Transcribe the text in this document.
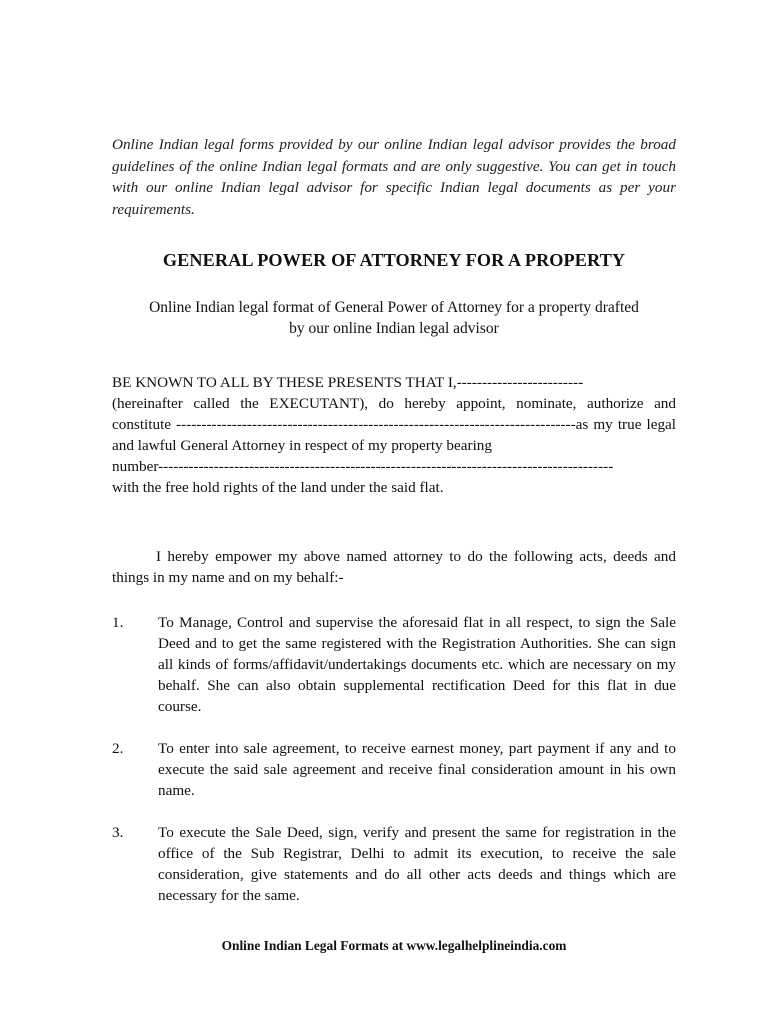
Online Indian legal forms provided by our online Indian legal advisor provides the broad guidelines of the online Indian legal formats and are only suggestive. You can get in touch with our online Indian legal advisor for specific Indian legal documents as per your requirements.

GENERAL POWER OF ATTORNEY FOR A PROPERTY
Online Indian legal format of General Power of Attorney for a property drafted
by our online Indian legal advisor
BE KNOWN TO ALL BY THESE PRESENTS THAT I,-------------------------
(hereinafter called the EXECUTANT), do hereby appoint, nominate, authorize and constitute -------------------------------------------------------------------------------as my true legal and lawful General Attorney in respect of my property bearing
number------------------------------------------------------------------------------------------
with the free hold rights of the land under the said flat.

I hereby empower my above named attorney to do the following acts, deeds and things in my name and on my behalf:-

1.	To Manage, Control and supervise the aforesaid flat in all respect, to sign the Sale Deed and to get the same registered with the Registration Authorities. She can sign all kinds of forms/affidavit/undertakings documents etc. which are necessary on my behalf. She can also obtain supplemental rectification Deed for this flat in due course.
2.	To enter into sale agreement, to receive earnest money, part payment if any and to execute the said sale agreement and receive final consideration amount in his own name.
3.	To execute the Sale Deed, sign, verify and present the same for registration in the office of the Sub Registrar, Delhi to admit its execution, to receive the sale consideration, give statements and do all other acts deeds and things which are necessary for the same.
Online Indian Legal Formats at www.legalhelplineindia.com
